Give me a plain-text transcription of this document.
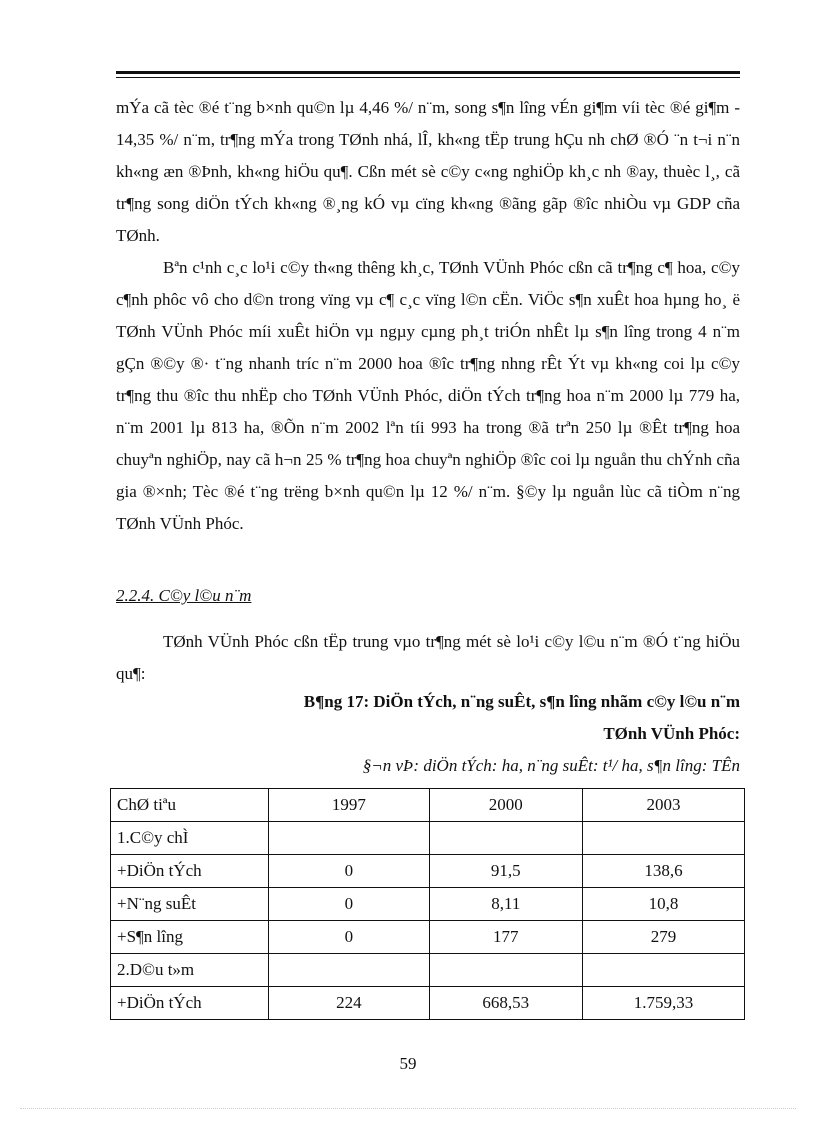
mÝa cã tèc ®é t¨ng b×nh qu©n lµ 4,46 %/ n¨m, song s¶n lîng vÉn gi¶m víi tèc ®é gi¶m - 14,35 %/ n¨m, tr¶ng mÝa trong TØnh nhá, lÎ, kh«ng tËp trung hÇu nh chØ ®Ó ¨n t¬i n¨n kh«ng æn ®Þnh, kh«ng hiÖu qu¶. Cßn mét sè c©y c«ng nghiÖp kh¸c nh ®ay, thuèc l¸, cã tr¶ng song diÖn tÝch kh«ng ®¸ng kÓ vµ cïng kh«ng ®ãng gãp ®îc nhiÒu vµ GDP cña TØnh.

Bªn c¹nh c¸c lo¹i c©y th«ng thêng kh¸c, TØnh VÜnh Phóc cßn cã tr¶ng c¶ hoa, c©y c¶nh phôc vô cho d©n trong vïng vµ c¶ c¸c vïng l©n cËn. ViÖc s¶n xuÊt hoa hµng ho¸ ë TØnh VÜnh Phóc míi xuÊt hiÖn vµ ngµy cµng ph¸t triÓn nhÊt lµ s¶n lîng trong 4 n¨m gÇn ®©y ®· t¨ng nhanh tríc n¨m 2000 hoa ®îc tr¶ng nhng rÊt Ýt vµ kh«ng coi lµ c©y tr¶ng thu ®îc thu nhËp cho TØnh VÜnh Phóc, diÖn tÝch tr¶ng hoa n¨m 2000 lµ 779 ha, n¨m 2001 lµ 813 ha, ®Õn n¨m 2002 lªn tíi 993 ha trong ®ã trªn 250 lµ ®Êt tr¶ng hoa chuyªn nghiÖp, nay cã h¬n 25 % tr¶ng hoa chuyªn nghiÖp ®îc coi lµ nguån thu chÝnh cña gia ®×nh; Tèc ®é t¨ng trëng b×nh qu©n lµ 12 %/ n¨m. §©y lµ nguån lùc cã tiÒm n¨ng TØnh VÜnh Phóc.

2.2.4. C©y l©u n¨m

TØnh VÜnh Phóc cßn tËp trung vµo tr¶ng mét sè lo¹i c©y l©u n¨m ®Ó t¨ng hiÖu qu¶:

B¶ng 17: DiÖn tÝch, n¨ng suÊt, s¶n lîng nhãm c©y l©u n¨m
TØnh VÜnh Phóc:
§¬n vÞ: diÖn tÝch: ha, n¨ng suÊt: t¹/ ha, s¶n lîng: TÊn
ChØ tiªu	1997	2000	2003
1.C©y chÌ			
+DiÖn tÝch	0	91,5	138,6
+N¨ng suÊt	0	8,11	10,8
+S¶n lîng	0	177	279
2.D©u t»m			
+DiÖn tÝch	224	668,53	1.759,33
59
